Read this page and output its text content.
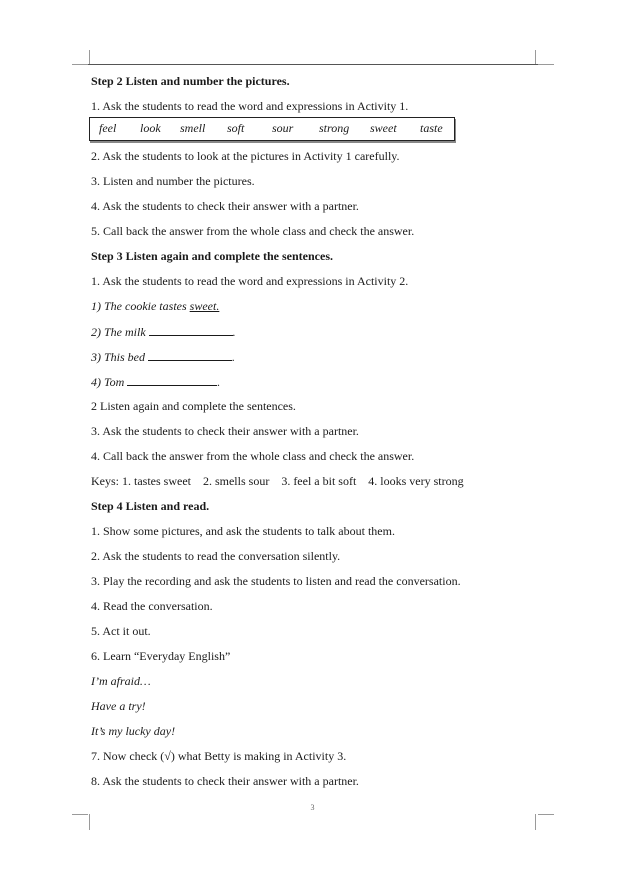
Step 2 Listen and number the pictures.
1. Ask the students to read the word and expressions in Activity 1.
2. Ask the students to look at the pictures in Activity 1 carefully.
3. Listen and number the pictures.
4. Ask the students to check their answer with a partner.
5. Call back the answer from the whole class and check the answer.
Step 3 Listen again and complete the sentences.
1. Ask the students to read the word and expressions in Activity 2.
1) The cookie tastes sweet.
2) The milk	.
3) This bed	.
4) Tom	.
2 Listen again and complete the sentences.
3. Ask the students to check their answer with a partner.
4. Call back the answer from the whole class and check the answer.
Keys: 1. tastes sweet    2. smells sour    3. feel a bit soft    4. looks very strong
Step 4 Listen and read.
1. Show some pictures, and ask the students to talk about them.
2. Ask the students to read the conversation silently.
3. Play the recording and ask the students to listen and read the conversation.
4. Read the conversation.
5. Act it out.
6. Learn “Everyday English”
I’m afraid…
Have a try!
It’s my lucky day!
7. Now check (√) what Betty is making in Activity 3.
8. Ask the students to check their answer with a partner.
feel look smell soft sour strong sweet taste
3
